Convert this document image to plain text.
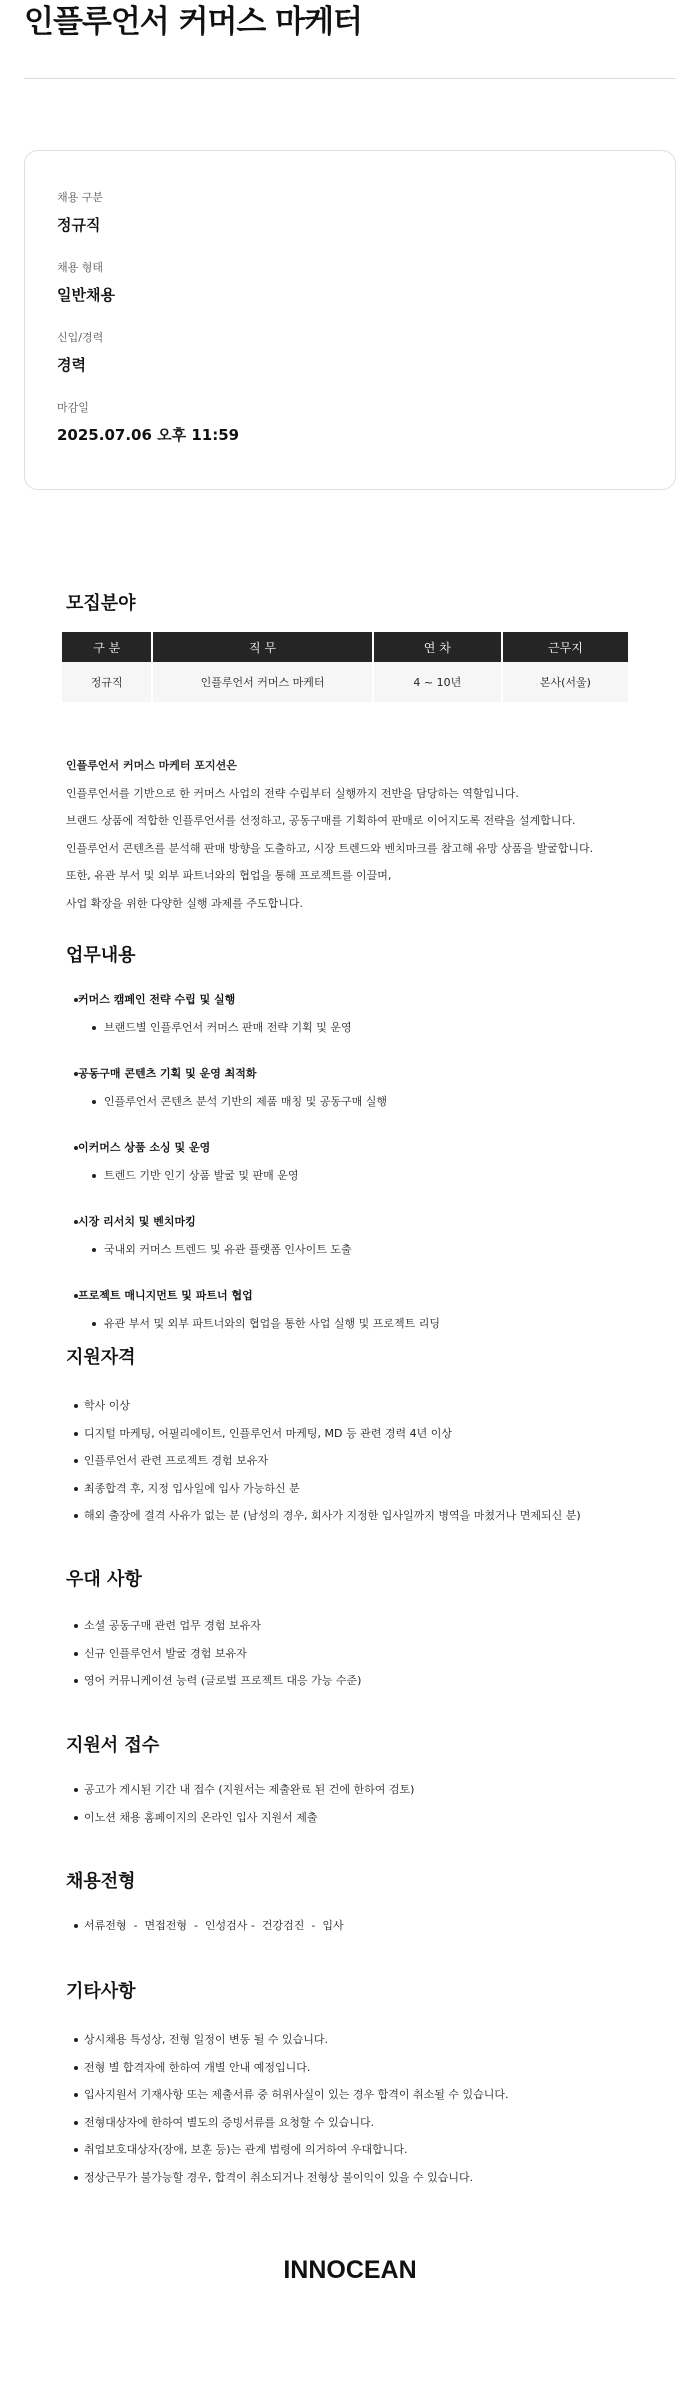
인플루언서 커머스 마케터
채용 구분
정규직
채용 형태
일반채용
신입/경력
경력
마감일
2025.07.06 오후 11:59
모집분야
구 분	직 무	연 차	근무지
정규직	인플루언서 커머스 마케터	4 ~ 10년	본사(서울)

인플루언서 커머스 마케터 포지션은

인플루언서를 기반으로 한 커머스 사업의 전략 수립부터 실행까지 전반을 담당하는 역할입니다.

브랜드 상품에 적합한 인플루언서를 선정하고, 공동구매를 기획하여 판매로 이어지도록 전략을 설계합니다.

인플루언서 콘텐츠를 분석해 판매 방향을 도출하고, 시장 트렌드와 벤치마크를 참고해 유망 상품을 발굴합니다.

또한, 유관 부서 및 외부 파트너와의 협업을 통해 프로젝트를 이끌며,

사업 확장을 위한 다양한 실행 과제를 주도합니다.

업무내용
커머스 캠페인 전략 수립 및 실행
브랜드별 인플루언서 커머스 판매 전략 기획 및 운영
공동구매 콘텐츠 기획 및 운영 최적화
인플루언서 콘텐츠 분석 기반의 제품 매칭 및 공동구매 실행
이커머스 상품 소싱 및 운영
트렌드 기반 인기 상품 발굴 및 판매 운영
시장 리서치 및 벤치마킹
국내외 커머스 트렌드 및 유관 플랫폼 인사이트 도출
프로젝트 매니지먼트 및 파트너 협업
유관 부서 및 외부 파트너와의 협업을 통한 사업 실행 및 프로젝트 리딩
지원자격
학사 이상
디지털 마케팅, 어필리에이트, 인플루언서 마케팅, MD 등 관련 경력 4년 이상
인플루언서 관련 프로젝트 경험 보유자
최종합격 후, 지정 입사일에 입사 가능하신 분
해외 출장에 결격 사유가 없는 분 (남성의 경우, 회사가 지정한 입사일까지 병역을 마쳤거나 면제되신 분)
우대 사항
소셜 공동구매 관련 업무 경험 보유자
신규 인플루언서 발굴 경험 보유자
영어 커뮤니케이션 능력 (글로벌 프로젝트 대응 가능 수준)
지원서 접수
공고가 게시된 기간 내 접수 (지원서는 제출완료 된 건에 한하여 검토)
이노션 채용 홈페이지의 온라인 입사 지원서 제출
채용전형
서류전형  -  면접전형  -  인성검사 -  건강검진  -  입사
기타사항
상시채용 특성상, 전형 일정이 변동 될 수 있습니다.
전형 별 합격자에 한하여 개별 안내 예정입니다.
입사지원서 기재사항 또는 제출서류 중 허위사실이 있는 경우 합격이 취소될 수 있습니다.
전형대상자에 한하여 별도의 증빙서류를 요청할 수 있습니다.
취업보호대상자(장애, 보훈 등)는 관계 법령에 의거하여 우대합니다.
정상근무가 불가능할 경우, 합격이 취소되거나 전형상 불이익이 있을 수 있습니다.
INNOCEAN
